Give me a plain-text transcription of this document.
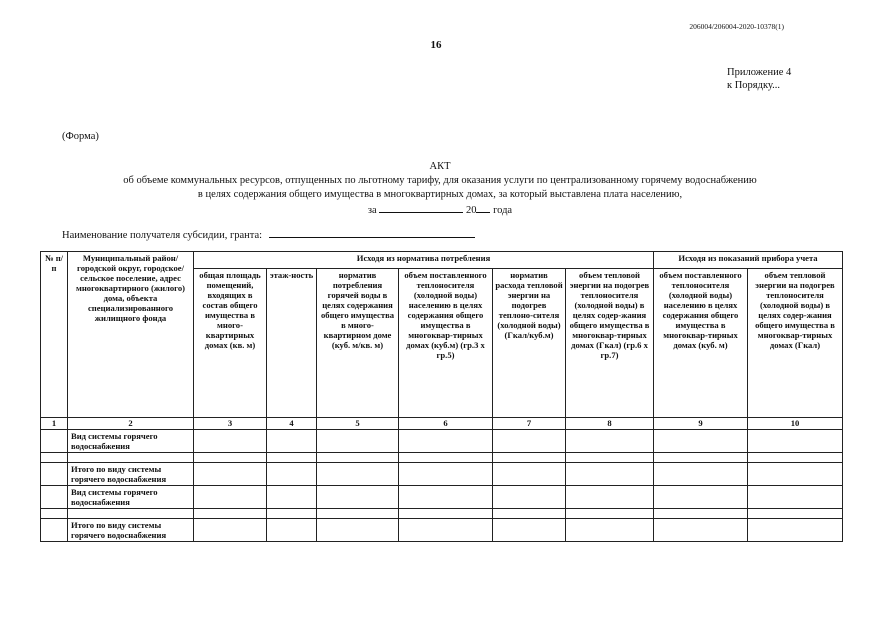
206004/206004-2020-10378(1)
16
Приложение 4
к Порядку...
(Форма)
АКТ
об объеме коммунальных ресурсов, отпущенных по льготному тарифу, для оказания услуги по централизованному горячему водоснабжению
в целях содержания общего имущества в многоквартирных домах, за который выставлена плата населению,
за	20 года
Наименование получателя субсидии, гранта:
№ п/п	Муниципальный район/городской округ, городское/сельское поселение, адрес многоквартирного (жилого) дома, объекта специализированного жилищного фонда	Исходя из норматива потребления						Исходя из показаний прибора учета	
		общая площадь помещений, входящих в состав общего имущества в много-квартирных домах (кв. м)	этаж-ность	норматив потребления горячей воды в целях содержания общего имущества в много-квартирном доме (куб. м/кв. м)	объем поставленного теплоносителя (холодной воды) населению в целях содержания общего имущества в многоквар-тирных домах (куб.м) (гр.3 х гр.5)	норматив расхода тепловой энергии на подогрев теплоно-сителя (холодной воды) (Гкал/куб.м)	объем тепловой энергии на подогрев теплоносителя (холодной воды) в целях содер-жания общего имущества в многоквар-тирных домах (Гкал) (гр.6 х гр.7)	объем поставленного теплоносителя (холодной воды) населению в целях содержания общего имущества в многоквар-тирных домах (куб. м)	объем тепловой энергии на подогрев теплоносителя (холодной воды) в целях содер-жания общего имущества в многоквар-тирных домах (Гкал)
1	2	3	4	5	6	7	8	9	10
	Вид системы горячего водоснабжения								

	Итого по виду системы горячего водоснабжения								
	Вид системы горячего водоснабжения								

	Итого по виду системы горячего водоснабжения								
